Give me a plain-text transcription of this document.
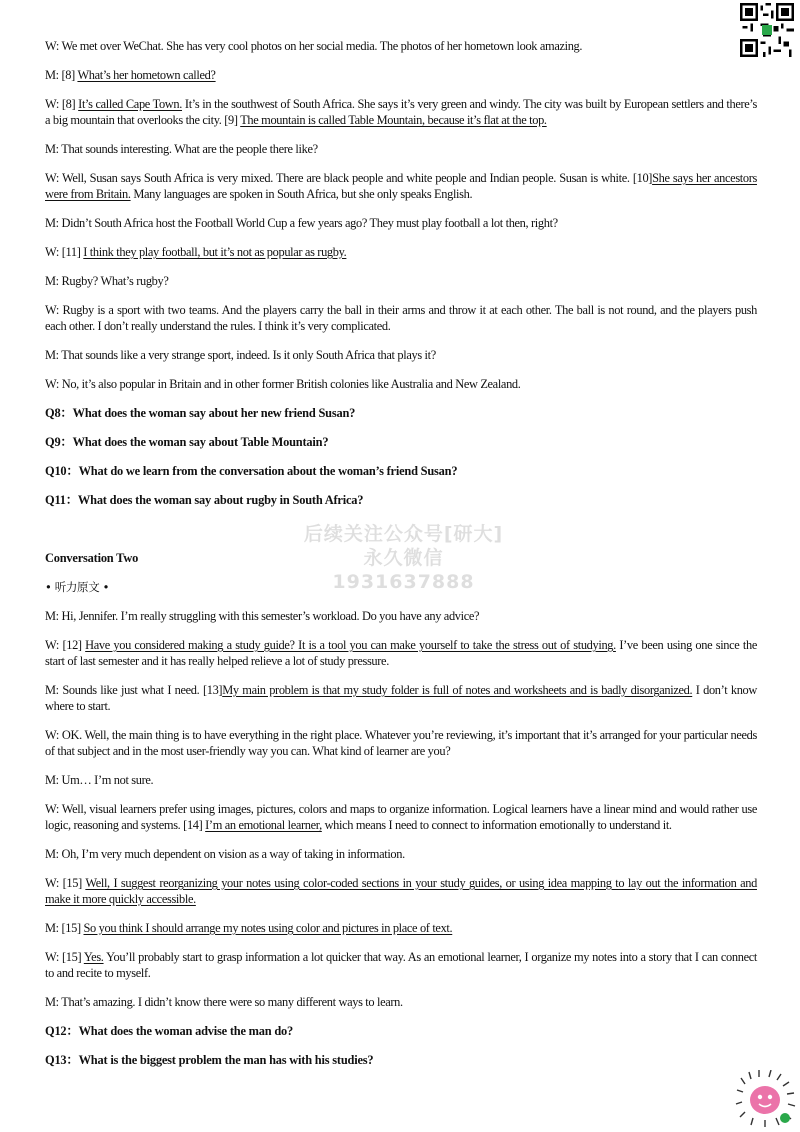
后续关注公众号[研大]
永久微信1931637888

W: We met over WeChat. She has very cool photos on her social media. The photos of her hometown look amazing.

M: [8] What’s her hometown called?

W: [8] It’s called Cape Town. It’s in the southwest of South Africa. She says it’s very green and windy. The city was built by European settlers and there’s a big mountain that overlooks the city. [9] The mountain is called Table Mountain, because it’s flat at the top.

M: That sounds interesting. What are the people there like?

W: Well, Susan says South Africa is very mixed. There are black people and white people and Indian people. Susan is white. [10]She says her ancestors were from Britain. Many languages are spoken in South Africa, but she only speaks English.

M: Didn’t South Africa host the Football World Cup a few years ago? They must play football a lot then, right?

W: [11] I think they play football, but it’s not as popular as rugby.

M: Rugby? What’s rugby?

W: Rugby is a sport with two teams. And the players carry the ball in their arms and throw it at each other. The ball is not round, and the players push each other. I don’t really understand the rules. I think it’s very complicated.

M: That sounds like a very strange sport, indeed. Is it only South Africa that plays it?

W: No, it’s also popular in Britain and in other former British colonies like Australia and New Zealand.

Q8：What does the woman say about her new friend Susan?

Q9：What does the woman say about Table Mountain?

Q10：What do we learn from the conversation about the woman’s friend Susan?

Q11：What does the woman say about rugby in South Africa?

Conversation Two

• 听力原文 •

M: Hi, Jennifer. I’m really struggling with this semester’s workload. Do you have any advice?

W: [12] Have you considered making a study guide? It is a tool you can make yourself to take the stress out of studying. I’ve been using one since the start of last semester and it has really helped relieve a lot of study pressure.

M: Sounds like just what I need. [13]My main problem is that my study folder is full of notes and worksheets and is badly disorganized. I don’t know where to start.

W: OK. Well, the main thing is to have everything in the right place. Whatever you’re reviewing, it’s important that it’s arranged for your particular needs of that subject and in the most user-friendly way you can. What kind of learner are you?

M: Um… I’m not sure.

W: Well, visual learners prefer using images, pictures, colors and maps to organize information. Logical learners have a linear mind and would rather use logic, reasoning and systems. [14] I’m an emotional learner, which means I need to connect to information emotionally to understand it.

M: Oh, I’m very much dependent on vision as a way of taking in information.

W: [15] Well, I suggest reorganizing your notes using color-coded sections in your study guides, or using idea mapping to lay out the information and make it more quickly accessible.

M: [15] So you think I should arrange my notes using color and pictures in place of text.

W: [15] Yes. You’ll probably start to grasp information a lot quicker that way. As an emotional learner, I organize my notes into a story that I can connect to and recite to myself.

M: That’s amazing. I didn’t know there were so many different ways to learn.

Q12：What does the woman advise the man do?

Q13：What is the biggest problem the man has with his studies?
